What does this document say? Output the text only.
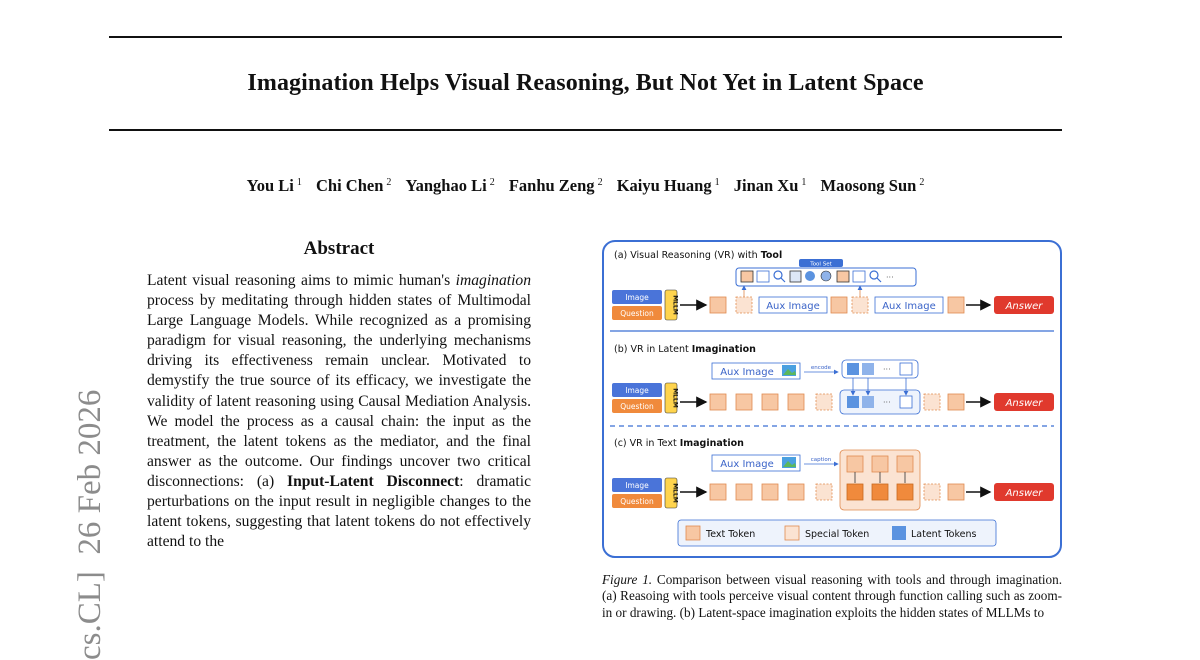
Imagination Helps Visual Reasoning, But Not Yet in Latent Space
You Li $^1$ Chi Chen $^2$ Yanghao Li $^2$ Fanhu Zeng $^2$ Kaiyu Huang $^1$ Jinan Xu $^1$ Maosong Sun $^2$
cs.CL]  26 Feb 2026
Abstract

Latent visual reasoning aims to mimic human's imagination process by meditating through hidden states of Multimodal Large Language Models. While recognized as a promising paradigm for visual reasoning, the underlying mechanisms driving its effectiveness remain unclear. Motivated to demystify the true source of its efficacy, we investigate the validity of latent reasoning using Causal Mediation Analysis. We model the process as a causal chain: the input as the treatment, the latent tokens as the mediator, and the final answer as the outcome. Our findings uncover two critical disconnections: (a) Input-Latent Disconnect: dramatic perturbations on the input result in negligible changes to the latent tokens, suggesting that latent tokens do not effectively attend to the

(a) Visual Reasoning (VR) with Tool
Tool Set
···
Image
Question	MLLM	Aux Image	Aux Image	Answer
(b) VR in Latent Imagination
Aux Image	encode	···
Image
Question	MLLM	···	Answer
(c) VR in Text Imagination
Aux Image	caption
Image
Question	MLLM	Answer
Text Token	Special Token	Latent Tokens
Figure 1. Comparison between visual reasoning with tools and through imagination. (a) Reasoing with tools perceive visual content through function calling such as zoom-in or drawing. (b) Latent-space imagination exploits the hidden states of MLLMs to
